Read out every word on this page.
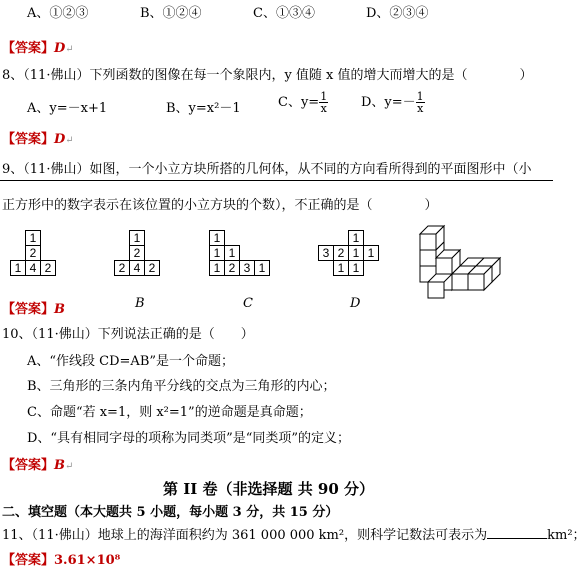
A、①②③	B、①②④	C、①③④	D、②③④
【答案】D↵
8、（11·佛山）下列函数的图像在每一个象限内，y 值随 x 值的增大而增大的是（　　　　）
A、y=－x+1	B、y=x²－1	C、$y= \frac{1}{x}$	D、$y=- \frac{1}{x}$
【答案】D↵
9、（11·佛山）如图，一个小立方块所搭的几何体，从不同的方向看所得到的平面图形中（小
正方形中的数字表示在该位置的小立方块的个数），不正确的是（　　　　）
	1	
	2	
1	4	2
	1	
	2	
2	4	2
1			
1	1		
1	2	3	1
		1	
3	2	1	1
	1	1	
【答案】B	B	C	D
10、（11·佛山）下列说法正确的是（　　）
A、“作线段 CD=AB”是一个命题；
B、三角形的三条内角平分线的交点为三角形的内心；
C、命题“若 x=1，则 x²=1”的逆命题是真命题；
D、“具有相同字母的项称为同类项”是“同类项”的定义；
【答案】B↵
第 II 卷（非选择题 共 90 分）
二、填空题（本大题共 5 小题，每小题 3 分，共 15 分）
11、（11·佛山）地球上的海洋面积约为 361 000 000 km²，则科学记数法可表示为	km²；
【答案】3.61×10⁸
